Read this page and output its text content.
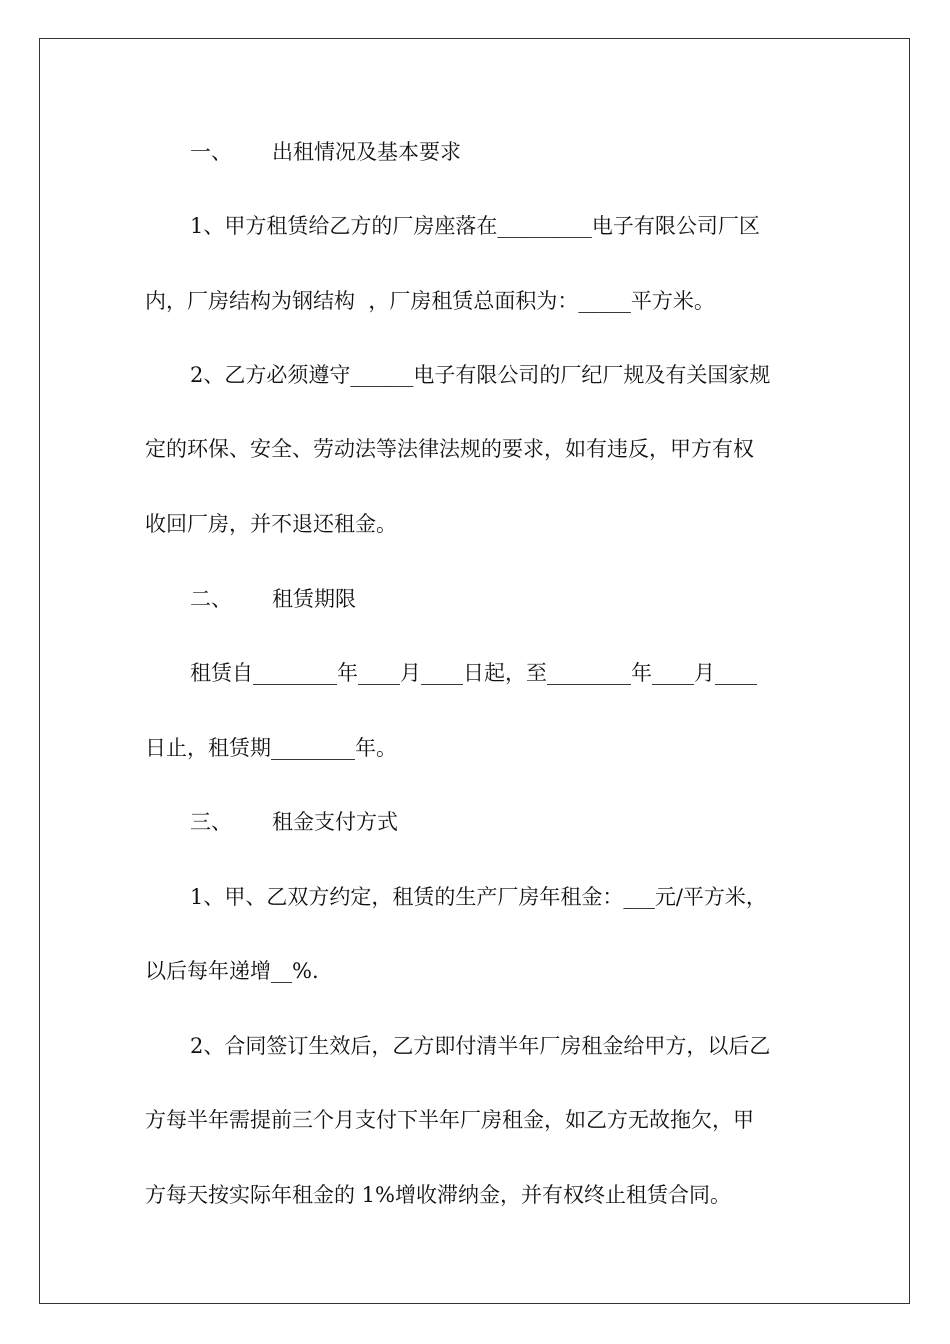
一、      出租情况及基本要求
1、甲方租赁给乙方的厂房座落在_________电子有限公司厂区
内，厂房结构为钢结构  ，厂房租赁总面积为：_____平方米。
2、乙方必须遵守______电子有限公司的厂纪厂规及有关国家规
定的环保、安全、劳动法等法律法规的要求，如有违反，甲方有权
收回厂房，并不退还租金。
二、      租赁期限
租赁自________年____月____日起，至________年____月____
日止，租赁期________年。
三、      租金支付方式
1、甲、乙双方约定，租赁的生产厂房年租金：___元/平方米，
以后每年递增__%.
2、合同签订生效后，乙方即付清半年厂房租金给甲方，以后乙
方每半年需提前三个月支付下半年厂房租金，如乙方无故拖欠，甲
方每天按实际年租金的 1%增收滞纳金，并有权终止租赁合同。
